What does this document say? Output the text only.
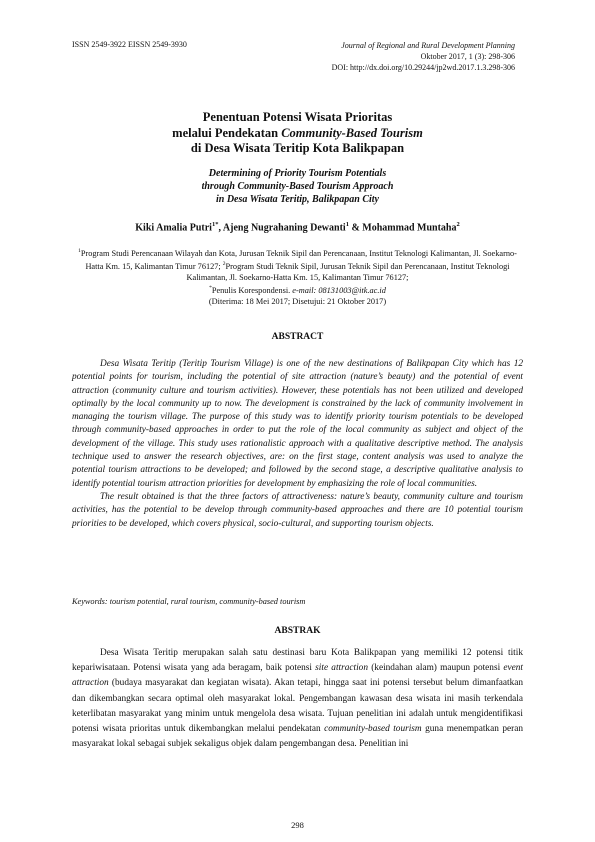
ISSN 2549-3922 EISSN 2549-3930	Journal of Regional and Rural Development Planning
Oktober 2017, 1 (3): 298-306
DOI: http://dx.doi.org/10.29244/jp2wd.2017.1.3.298-306
Penentuan Potensi Wisata Prioritas
melalui Pendekatan Community-Based Tourism
di Desa Wisata Teritip Kota Balikpapan
Determining of Priority Tourism Potentials
through Community-Based Tourism Approach
in Desa Wisata Teritip, Balikpapan City
Kiki Amalia Putri$^{1*}$, Ajeng Nugrahaning Dewanti$^1$ & Mohammad Muntaha$^2$
$^1$Program Studi Perencanaan Wilayah dan Kota, Jurusan Teknik Sipil dan Perencanaan, Institut Teknologi Kalimantan, Jl. Soekarno-Hatta Km. 15, Kalimantan Timur 76127; $^2$Program Studi Teknik Sipil, Jurusan Teknik Sipil dan Perencanaan, Institut Teknologi Kalimantan, Jl. Soekarno-Hatta Km. 15, Kalimantan Timur 76127;
*Penulis Korespondensi. e-mail: 08131003@itk.ac.id
(Diterima: 18 Mei 2017; Disetujui: 21 Oktober 2017)
ABSTRACT

Desa Wisata Teritip (Teritip Tourism Village) is one of the new destinations of Balikpapan City which has 12 potential points for tourism, including the potential of site attraction (nature’s beauty) and the potential of event attraction (community culture and tourism activities). However, these potentials has not been utilized and developed optimally by the local community up to now. The development is constrained by the lack of community involvement in managing the tourism village. The purpose of this study was to identify priority tourism potentials to be developed through community-based approaches in order to put the role of the local community as subject and object of the development of the village. This study uses rationalistic approach with a qualitative descriptive method. The analysis technique used to answer the research objectives, are: on the first stage, content analysis was used to analyze the potential tourism attractions to be developed; and followed by the second stage, a descriptive qualitative analysis to identify potential tourism attraction priorities for development by emphasizing the role of local communities.

The result obtained is that the three factors of attractiveness: nature’s beauty, community culture and tourism activities, has the potential to be develop through community-based approaches and there are 10 potential tourism priorities to be developed, which covers physical, socio-cultural, and supporting tourism objects.

Keywords: tourism potential, rural tourism, community-based tourism
ABSTRAK

Desa Wisata Teritip merupakan salah satu destinasi baru Kota Balikpapan yang memiliki 12 potensi titik kepariwisataan. Potensi wisata yang ada beragam, baik potensi site attraction (keindahan alam) maupun potensi event attraction (budaya masyarakat dan kegiatan wisata). Akan tetapi, hingga saat ini potensi tersebut belum dimanfaatkan dan dikembangkan secara optimal oleh masyarakat lokal. Pengembangan kawasan desa wisata ini masih terkendala keterlibatan masyarakat yang minim untuk mengelola desa wisata. Tujuan penelitian ini adalah untuk mengidentifikasi potensi wisata prioritas untuk dikembangkan melalui pendekatan community-based tourism guna menempatkan peran masyarakat lokal sebagai subjek sekaligus objek dalam pengembangan desa. Penelitian ini

298
